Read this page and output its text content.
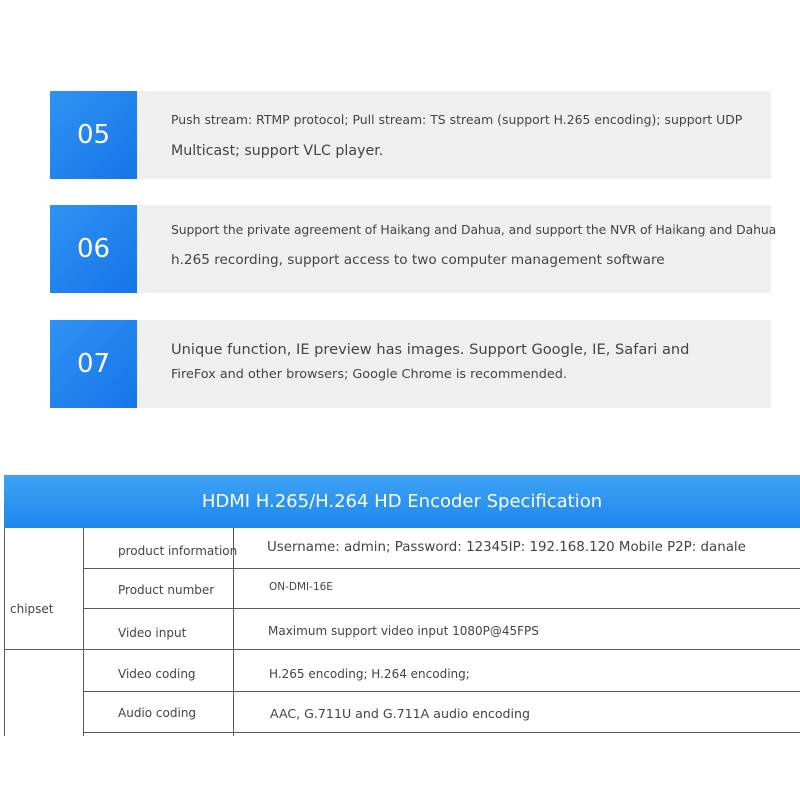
05
Push stream: RTMP protocol; Pull stream: TS stream (support H.265 encoding); support UDP
Multicast; support VLC player.
06
Support the private agreement of Haikang and Dahua, and support the NVR of Haikang and Dahua
h.265 recording, support access to two computer management software
07	Unique function, IE preview has images. Support Google, IE, Safari and
FireFox and other browsers; Google Chrome is recommended.
HDMI H.265/H.264 HD Encoder Specification
chipset
product information Username: admin; Password: 12345IP: 192.168.120 Mobile P2P: danale
Product number	ON-DMI-16E
Video input	Maximum support video input 1080P@45FPS
Video coding	H.265 encoding; H.264 encoding;
Audio coding	AAC, G.711U and G.711A audio encoding
